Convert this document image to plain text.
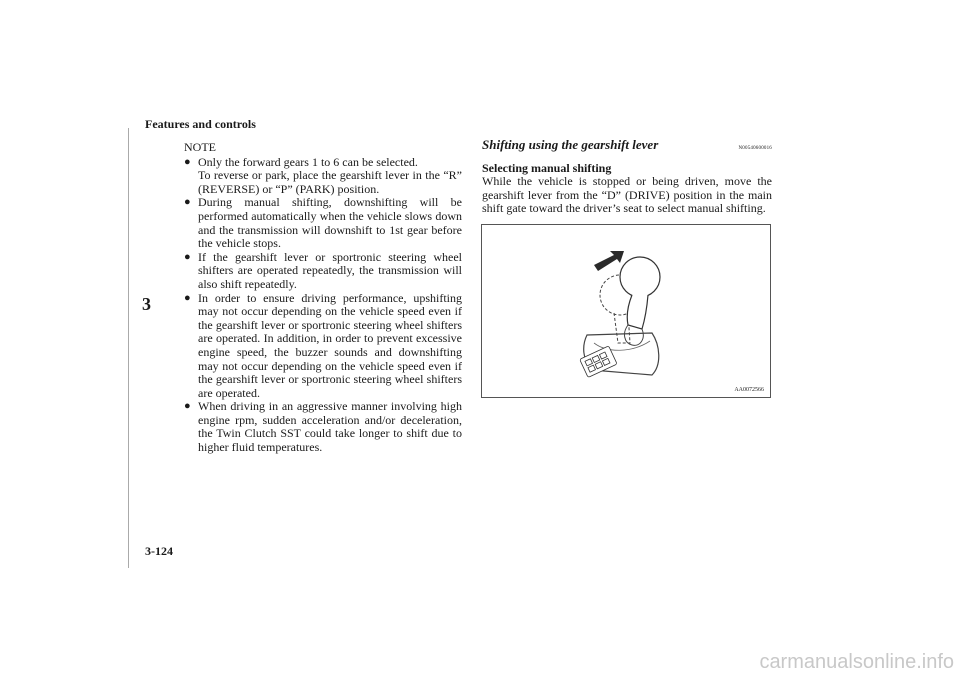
Features and controls
3
NOTE
● Only the forward gears 1 to 6 can be selected.
To reverse or park, place the gearshift lever in the “R” (REVERSE) or “P” (PARK) position.
● During manual shifting, downshifting will be performed automatically when the vehicle slows down and the transmission will downshift to 1st gear before the vehicle stops.
● If the gearshift lever or sportronic steering wheel shifters are operated repeatedly, the transmission will also shift repeatedly.
● In order to ensure driving performance, upshifting may not occur depending on the vehicle speed even if the gearshift lever or sportronic steering wheel shifters are operated. In addition, in order to prevent excessive engine speed, the buzzer sounds and downshifting may not occur depending on the vehicle speed even if the gearshift lever or sportronic steering wheel shifters are operated.
● When driving in an aggressive manner involving high engine rpm, sudden acceleration and/or deceleration, the Twin Clutch SST could take longer to shift due to higher fluid temperatures.
Shifting using the gearshift lever	N00540600016
Selecting manual shifting
While the vehicle is stopped or being driven, move the gearshift lever from the “D” (DRIVE) position in the main shift gate toward the driver’s seat to select manual shifting.
AA0072566
3-124
carmanualsonline.info
